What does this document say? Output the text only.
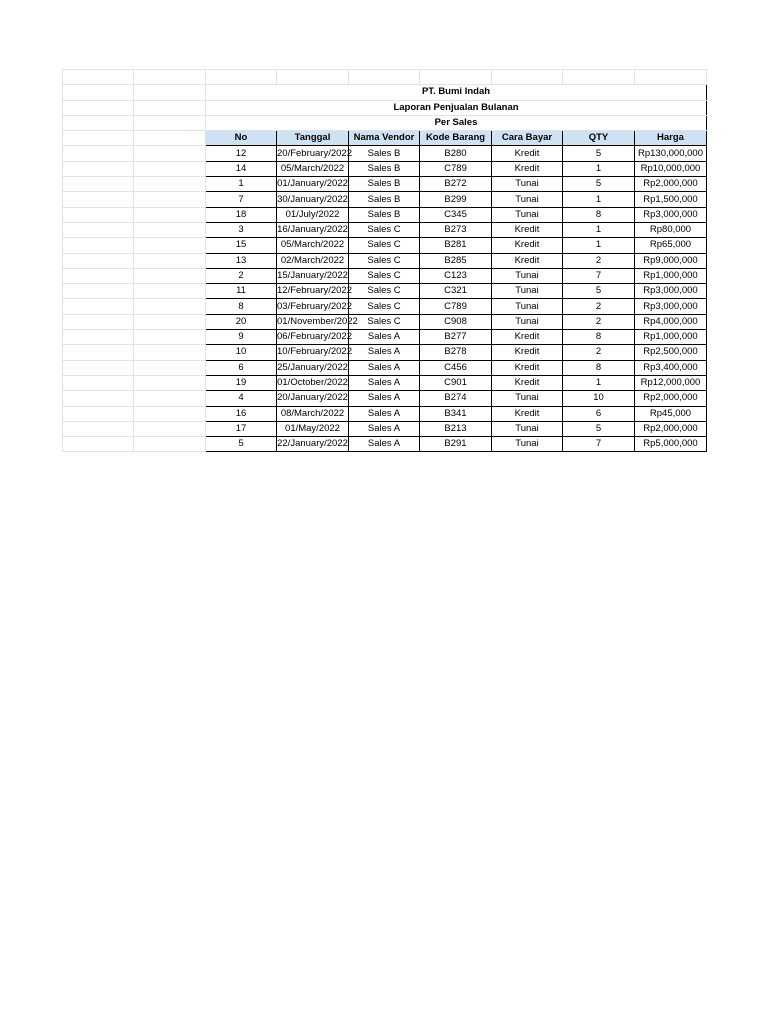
		PT. Bumi Indah						
		Laporan Penjualan Bulanan						
		Per Sales						
		No	Tanggal	Nama Vendor	Kode Barang	Cara Bayar	QTY	Harga
		12	20/February/2022	Sales B	B280	Kredit	5	Rp130,000,000
		14	05/March/2022	Sales B	C789	Kredit	1	Rp10,000,000
		1	01/January/2022	Sales B	B272	Tunai	5	Rp2,000,000
		7	30/January/2022	Sales B	B299	Tunai	1	Rp1,500,000
		18	01/July/2022	Sales B	C345	Tunai	8	Rp3,000,000
		3	16/January/2022	Sales C	B273	Kredit	1	Rp80,000
		15	05/March/2022	Sales C	B281	Kredit	1	Rp65,000
		13	02/March/2022	Sales C	B285	Kredit	2	Rp9,000,000
		2	15/January/2022	Sales C	C123	Tunai	7	Rp1,000,000
		11	12/February/2022	Sales C	C321	Tunai	5	Rp3,000,000
		8	03/February/2022	Sales C	C789	Tunai	2	Rp3,000,000
		20	01/November/2022	Sales C	C908	Tunai	2	Rp4,000,000
		9	06/February/2022	Sales A	B277	Kredit	8	Rp1,000,000
		10	10/February/2022	Sales A	B278	Kredit	2	Rp2,500,000
		6	25/January/2022	Sales A	C456	Kredit	8	Rp3,400,000
		19	01/October/2022	Sales A	C901	Kredit	1	Rp12,000,000
		4	20/January/2022	Sales A	B274	Tunai	10	Rp2,000,000
		16	08/March/2022	Sales A	B341	Kredit	6	Rp45,000
		17	01/May/2022	Sales A	B213	Tunai	5	Rp2,000,000
		5	22/January/2022	Sales A	B291	Tunai	7	Rp5,000,000
